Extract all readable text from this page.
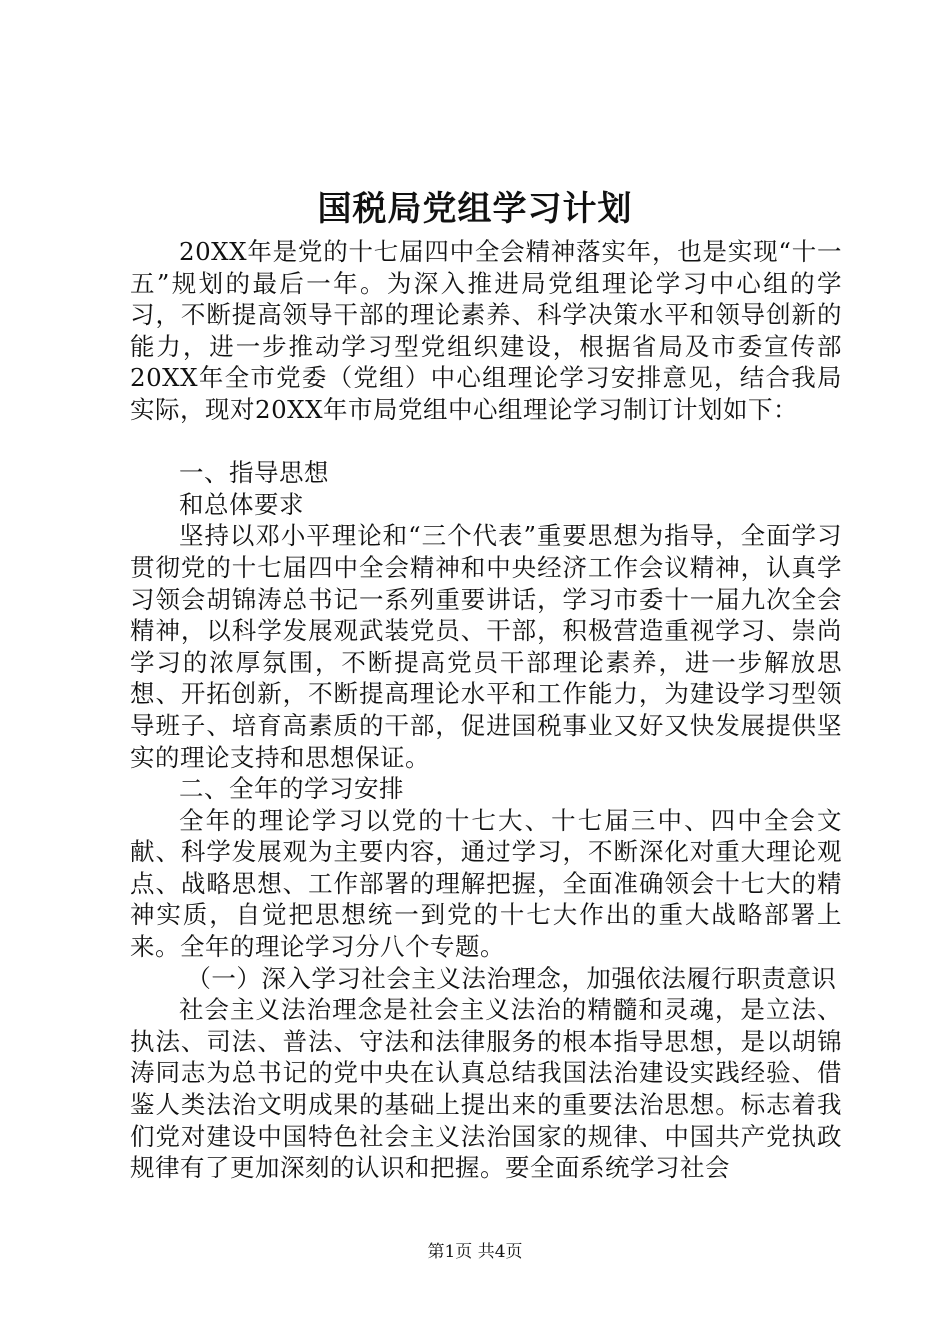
国税局党组学习计划

20XX年是党的十七届四中全会精神落实年，也是实现“十一五”规划的最后一年。为深入推进局党组理论学习中心组的学习，不断提高领导干部的理论素养、科学决策水平和领导创新的能力，进一步推动学习型党组织建设，根据省局及市委宣传部20XX年全市党委（党组）中心组理论学习安排意见，结合我局实际，现对20XX年市局党组中心组理论学习制订计划如下：

一、指导思想

和总体要求

坚持以邓小平理论和“三个代表”重要思想为指导，全面学习贯彻党的十七届四中全会精神和中央经济工作会议精神，认真学习领会胡锦涛总书记一系列重要讲话，学习市委十一届九次全会精神，以科学发展观武装党员、干部，积极营造重视学习、崇尚学习的浓厚氛围，不断提高党员干部理论素养，进一步解放思想、开拓创新，不断提高理论水平和工作能力，为建设学习型领导班子、培育高素质的干部，促进国税事业又好又快发展提供坚实的理论支持和思想保证。

二、全年的学习安排

全年的理论学习以党的十七大、十七届三中、四中全会文献、科学发展观为主要内容，通过学习，不断深化对重大理论观点、战略思想、工作部署的理解把握，全面准确领会十七大的精神实质，自觉把思想统一到党的十七大作出的重大战略部署上来。全年的理论学习分八个专题。

（一）深入学习社会主义法治理念，加强依法履行职责意识

社会主义法治理念是社会主义法治的精髓和灵魂，是立法、执法、司法、普法、守法和法律服务的根本指导思想，是以胡锦涛同志为总书记的党中央在认真总结我国法治建设实践经验、借鉴人类法治文明成果的基础上提出来的重要法治思想。标志着我们党对建设中国特色社会主义法治国家的规律、中国共产党执政规律有了更加深刻的认识和把握。要全面系统学习社会

第1页 共4页
